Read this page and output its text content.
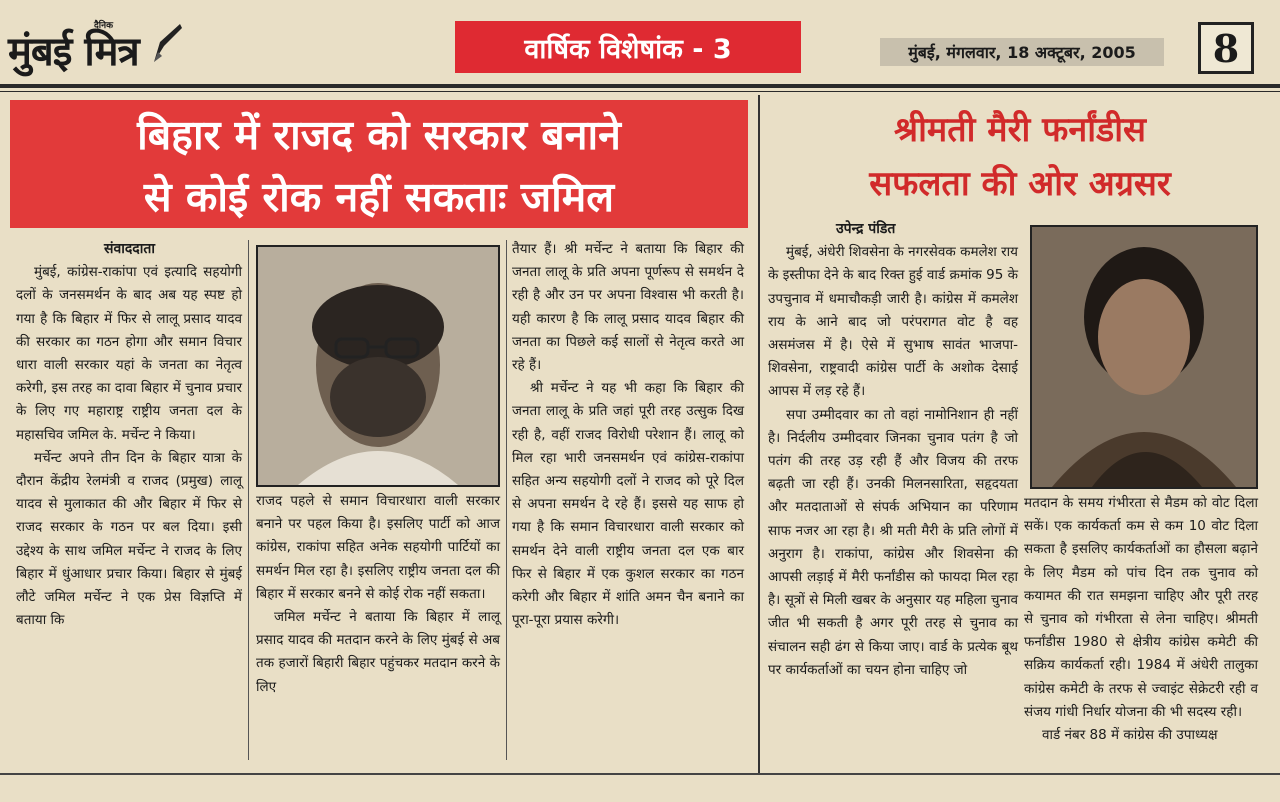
दैनिक
मुंबई मित्र	वार्षिक विशेषांक - 3	मुंबई, मंगलवार, 18 अक्टूबर, 2005	8
बिहार में राजद को सरकार बनाने
से कोई रोक नहीं सकताः जमिल

संवाददाता

मुंबई, कांग्रेस-राकांपा एवं इत्यादि सहयोगी दलों के जनसमर्थन के बाद अब यह स्पष्ट हो गया है कि बिहार में फिर से लालू प्रसाद यादव की सरकार का गठन होगा और समान विचार धारा वाली सरकार यहां के जनता का नेतृत्व करेगी, इस तरह का दावा बिहार में चुनाव प्रचार के लिए गए महाराष्ट्र राष्ट्रीय जनता दल के महासचिव जमिल के. मर्चेन्ट ने किया।

मर्चेन्ट अपने तीन दिन के बिहार यात्रा के दौरान केंद्रीय रेलमंत्री व राजद (प्रमुख) लालू यादव से मुलाकात की और बिहार में फिर से राजद सरकार के गठन पर बल दिया। इसी उद्देश्य के साथ जमिल मर्चेन्ट ने राजद के लिए बिहार में धुंआधार प्रचार किया। बिहार से मुंबई लौटे जमिल मर्चेन्ट ने एक प्रेस विज्ञप्ति में बताया कि

राजद पहले से समान विचारधारा वाली सरकार बनाने पर पहल किया है। इसलिए पार्टी को आज कांग्रेस, राकांपा सहित अनेक सहयोगी पार्टियों का समर्थन मिल रहा है। इसलिए राष्ट्रीय जनता दल की बिहार में सरकार बनने से कोई रोक नहीं सकता।

जमिल मर्चेन्ट ने बताया कि बिहार में लालू प्रसाद यादव की मतदान करने के लिए मुंबई से अब तक हजारों बिहारी बिहार पहुंचकर मतदान करने के लिए

तैयार हैं। श्री मर्चेन्ट ने बताया कि बिहार की जनता लालू के प्रति अपना पूर्णरूप से समर्थन दे रही है और उन पर अपना विश्वास भी करती है। यही कारण है कि लालू प्रसाद यादव बिहार की जनता का पिछले कई सालों से नेतृत्व करते आ रहे हैं।

श्री मर्चेन्ट ने यह भी कहा कि बिहार की जनता लालू के प्रति जहां पूरी तरह उत्सुक दिख रही है, वहीं राजद विरोधी परेशान हैं। लालू को मिल रहा भारी जनसमर्थन एवं कांग्रेस-राकांपा सहित अन्य सहयोगी दलों ने राजद को पूरे दिल से अपना समर्थन दे रहे हैं। इससे यह साफ हो गया है कि समान विचारधारा वाली सरकार को समर्थन देने वाली राष्ट्रीय जनता दल एक बार फिर से बिहार में एक कुशल सरकार का गठन करेगी और बिहार में शांति अमन चैन बनाने का पूरा-पूरा प्रयास करेगी।

श्रीमती मैरी फर्नांडीस
सफलता की ओर अग्रसर

उपेन्द्र पंडित

मुंबई, अंधेरी शिवसेना के नगरसेवक कमलेश राय के इस्तीफा देने के बाद रिक्त हुई वार्ड क्रमांक 95 के उपचुनाव में धमाचौकड़ी जारी है। कांग्रेस में कमलेश राय के आने बाद जो परंपरागत वोट है वह असमंजस में है। ऐसे में सुभाष सावंत भाजपा-शिवसेना, राष्ट्रवादी कांग्रेस पार्टी के अशोक देसाई आपस में लड़ रहे हैं।

सपा उम्मीदवार का तो वहां नामोनिशान ही नहीं है। निर्दलीय उम्मीदवार जिनका चुनाव पतंग है जो पतंग की तरह उड़ रही हैं और विजय की तरफ बढ़ती जा रही हैं। उनकी मिलनसारिता, सहृदयता और मतदाताओं से संपर्क अभियान का परिणाम साफ नजर आ रहा है। श्री मती मैरी के प्रति लोगों में अनुराग है। राकांपा, कांग्रेस और शिवसेना की आपसी लड़ाई में मैरी फर्नांडीस को फायदा मिल रहा है। सूत्रों से मिली खबर के अनुसार यह महिला चुनाव जीत भी सकती है अगर पूरी तरह से चुनाव का संचालन सही ढंग से किया जाए। वार्ड के प्रत्येक बूथ पर कार्यकर्ताओं का चयन होना चाहिए जो

मतदान के समय गंभीरता से मैडम को वोट दिला सकें। एक कार्यकर्ता कम से कम 10 वोट दिला सकता है इसलिए कार्यकर्ताओं का हौसला बढ़ाने के लिए मैडम को पांच दिन तक चुनाव को कयामत की रात समझना चाहिए और पूरी तरह से चुनाव को गंभीरता से लेना चाहिए। श्रीमती फर्नांडीस 1980 से क्षेत्रीय कांग्रेस कमेटी की सक्रिय कार्यकर्ता रही। 1984 में अंधेरी तालुका कांग्रेस कमेटी के तरफ से ज्वाइंट सेक्रेटरी रही व संजय गांधी निर्धार योजना की भी सदस्य रही।

वार्ड नंबर 88 में कांग्रेस की उपाध्यक्ष
